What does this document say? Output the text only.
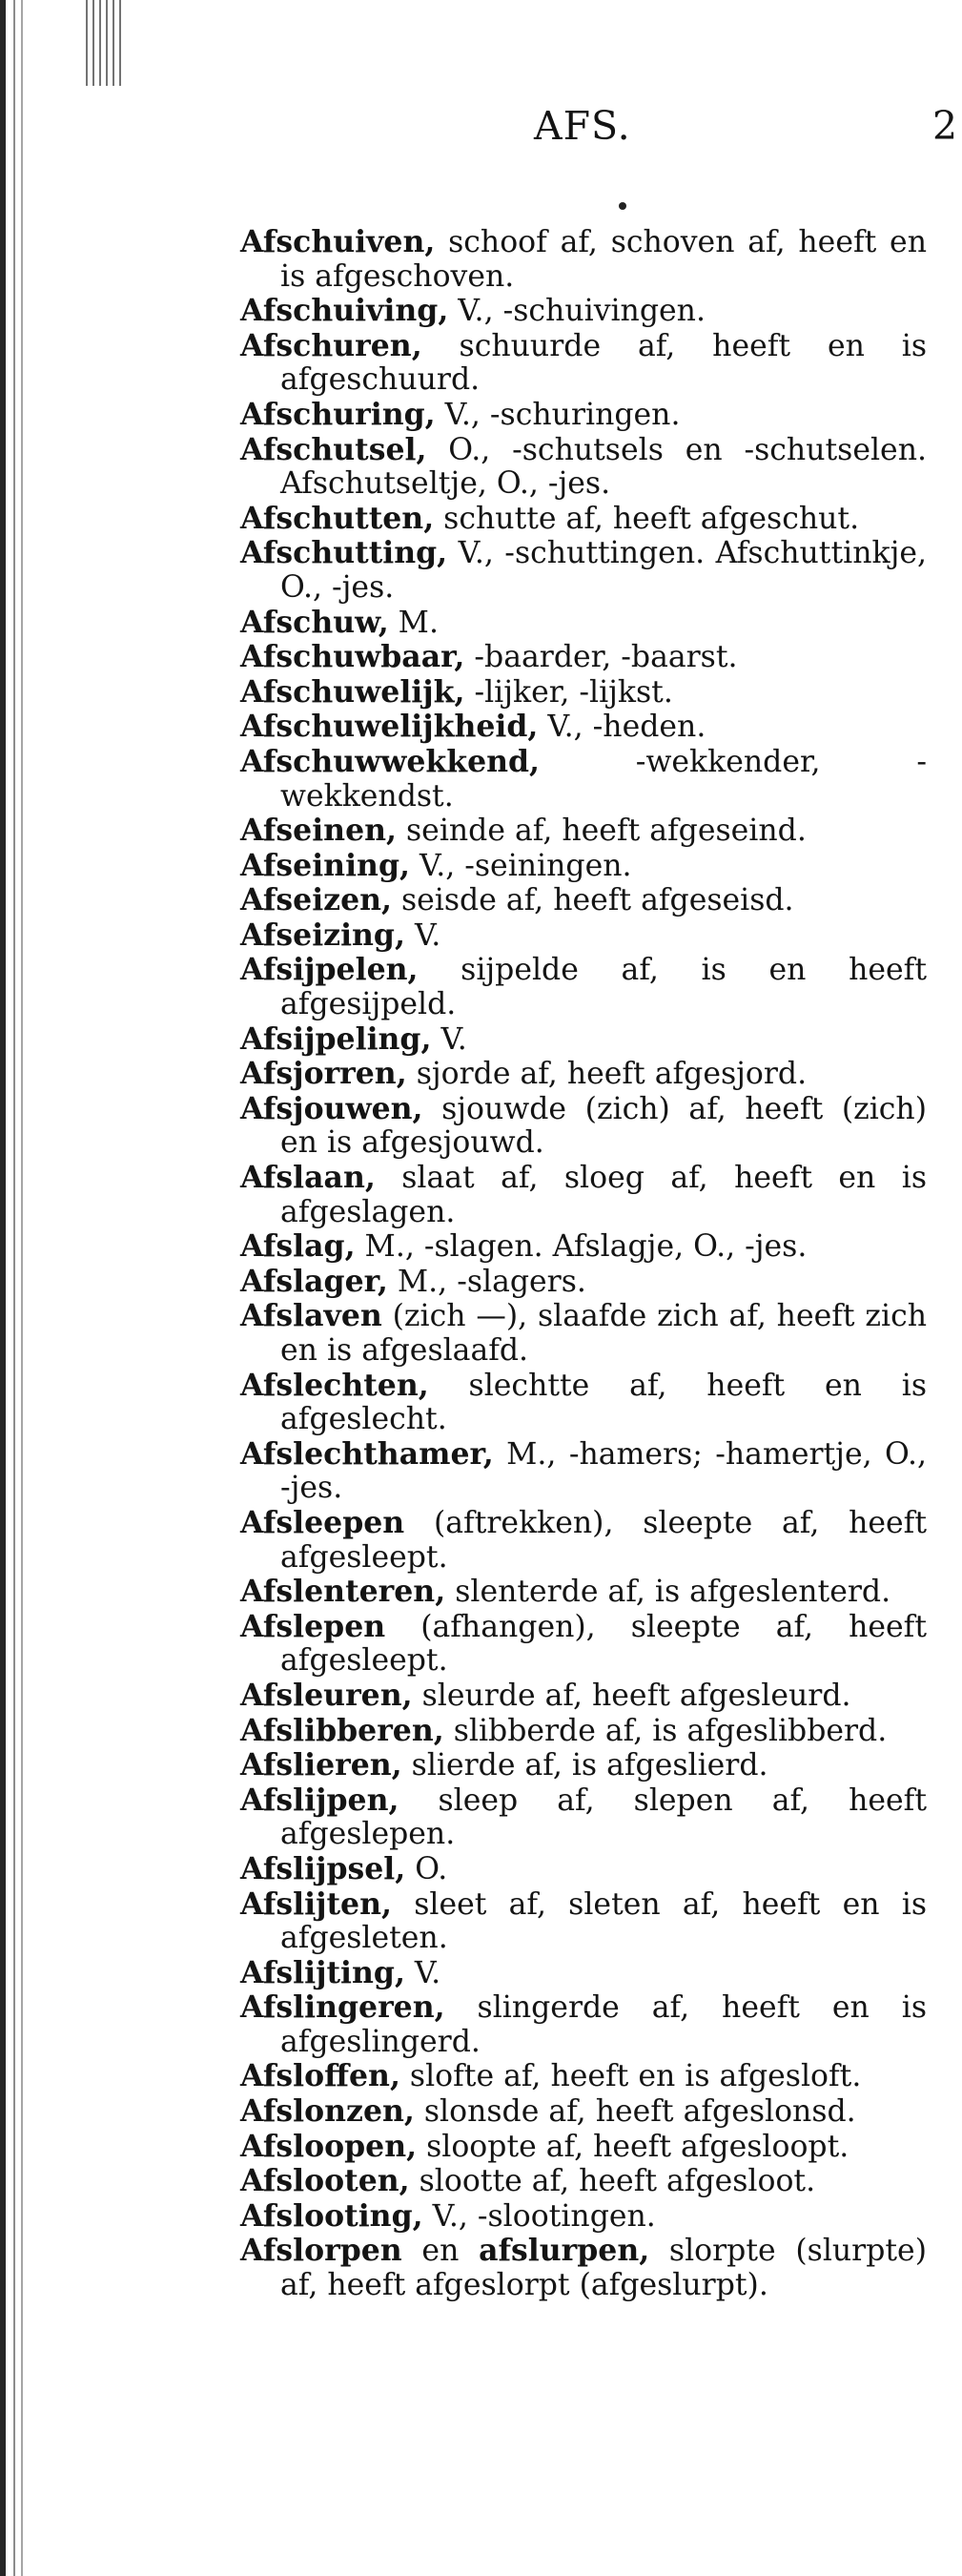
AFS.	2
Afschuiven, schoof af, schoven af, heeft en is afgeschoven.
Afschuiving, V., -schuivingen.
Afschuren, schuurde af, heeft en is afgeschuurd.
Afschuring, V., -schuringen.
Afschutsel, O., -schutsels en -schutselen. Afschutseltje, O., -jes.
Afschutten, schutte af, heeft afgeschut.
Afschutting, V., -schuttingen. Afschuttinkje, O., -jes.
Afschuw, M.
Afschuwbaar, -baarder, -baarst.
Afschuwelijk, -lijker, -lijkst.
Afschuwelijkheid, V., -heden.
Afschuwwekkend, -wekkender, -wekkendst.
Afseinen, seinde af, heeft afgeseind.
Afseining, V., -seiningen.
Afseizen, seisde af, heeft afgeseisd.
Afseizing, V.
Afsijpelen, sijpelde af, is en heeft afgesijpeld.
Afsijpeling, V.
Afsjorren, sjorde af, heeft afgesjord.
Afsjouwen, sjouwde (zich) af, heeft (zich) en is afgesjouwd.
Afslaan, slaat af, sloeg af, heeft en is afgeslagen.
Afslag, M., -slagen. Afslagje, O., -jes.
Afslager, M., -slagers.
Afslaven (zich —), slaafde zich af, heeft zich en is afgeslaafd.
Afslechten, slechtte af, heeft en is afgeslecht.
Afslechthamer, M., -hamers; -hamertje, O., -jes.
Afsleepen (aftrekken), sleepte af, heeft afgesleept.
Afslenteren, slenterde af, is afgeslenterd.
Afslepen (afhangen), sleepte af, heeft afgesleept.
Afsleuren, sleurde af, heeft afgesleurd.
Afslibberen, slibberde af, is afgeslibberd.
Afslieren, slierde af, is afgeslierd.
Afslijpen, sleep af, slepen af, heeft afgeslepen.
Afslijpsel, O.
Afslijten, sleet af, sleten af, heeft en is afgesleten.
Afslijting, V.
Afslingeren, slingerde af, heeft en is afgeslingerd.
Afsloffen, slofte af, heeft en is afgesloft.
Afslonzen, slonsde af, heeft afgeslonsd.
Afsloopen, sloopte af, heeft afgesloopt.
Afslooten, slootte af, heeft afgesloot.
Afslooting, V., -slootingen.
Afslorpen en afslurpen, slorpte (slurpte) af, heeft afgeslorpt (afgeslurpt).
